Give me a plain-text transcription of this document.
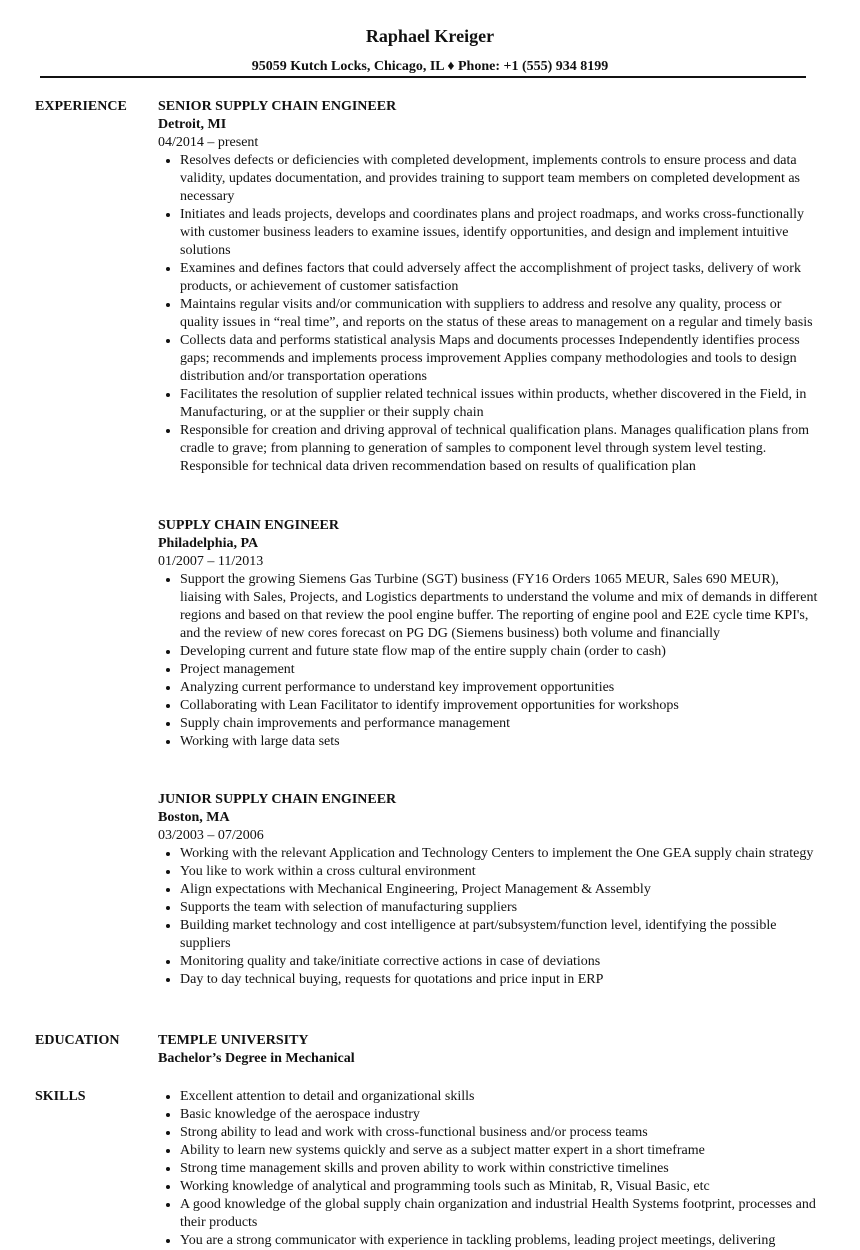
Raphael Kreiger
95059 Kutch Locks, Chicago, IL ♦ Phone: +1 (555) 934 8199
EXPERIENCE SENIOR SUPPLY CHAIN ENGINEER
Detroit, MI
04/2014 – present
• Resolves defects or deficiencies with completed development, implements controls to ensure process and data validity, updates documentation, and provides training to support team members on completed development as necessary
• Initiates and leads projects, develops and coordinates plans and project roadmaps, and works cross-functionally with customer business leaders to examine issues, identify opportunities, and design and implement intuitive solutions
• Examines and defines factors that could adversely affect the accomplishment of project tasks, delivery of work products, or achievement of customer satisfaction
• Maintains regular visits and/or communication with suppliers to address and resolve any quality, process or quality issues in “real time”, and reports on the status of these areas to management on a regular and timely basis
• Collects data and performs statistical analysis Maps and documents processes Independently identifies process gaps; recommends and implements process improvement Applies company methodologies and tools to design distribution and/or transportation operations
• Facilitates the resolution of supplier related technical issues within products, whether discovered in the Field, in Manufacturing, or at the supplier or their supply chain
• Responsible for creation and driving approval of technical qualification plans. Manages qualification plans from cradle to grave; from planning to generation of samples to component level through system level testing. Responsible for technical data driven recommendation based on results of qualification plan
SUPPLY CHAIN ENGINEER
Philadelphia, PA
01/2007 – 11/2013
• Support the growing Siemens Gas Turbine (SGT) business (FY16 Orders 1065 MEUR, Sales 690 MEUR), liaising with Sales, Projects, and Logistics departments to understand the volume and mix of demands in different regions and based on that review the pool engine buffer. The reporting of engine pool and E2E cycle time KPI's, and the review of new cores forecast on PG DG (Siemens business) both volume and financially
• Developing current and future state flow map of the entire supply chain (order to cash)
• Project management
• Analyzing current performance to understand key improvement opportunities
• Collaborating with Lean Facilitator to identify improvement opportunities for workshops
• Supply chain improvements and performance management
• Working with large data sets
JUNIOR SUPPLY CHAIN ENGINEER
Boston, MA
03/2003 – 07/2006
• Working with the relevant Application and Technology Centers to implement the One GEA supply chain strategy
• You like to work within a cross cultural environment
• Align expectations with Mechanical Engineering, Project Management & Assembly
• Supports the team with selection of manufacturing suppliers
• Building market technology and cost intelligence at part/subsystem/function level, identifying the possible suppliers
• Monitoring quality and take/initiate corrective actions in case of deviations
• Day to day technical buying, requests for quotations and price input in ERP
EDUCATION	TEMPLE UNIVERSITY
Bachelor’s Degree in Mechanical
SKILLS
•	Excellent attention to detail and organizational skills
• Basic knowledge of the aerospace industry
• Strong ability to lead and work with cross-functional business and/or process teams
• Ability to learn new systems quickly and serve as a subject matter expert in a short timeframe
• Strong time management skills and proven ability to work within constrictive timelines
• Working knowledge of analytical and programming tools such as Minitab, R, Visual Basic, etc
• A good knowledge of the global supply chain organization and industrial Health Systems footprint, processes and their products
• You are a strong communicator with experience in tackling problems, leading project meetings, delivering
